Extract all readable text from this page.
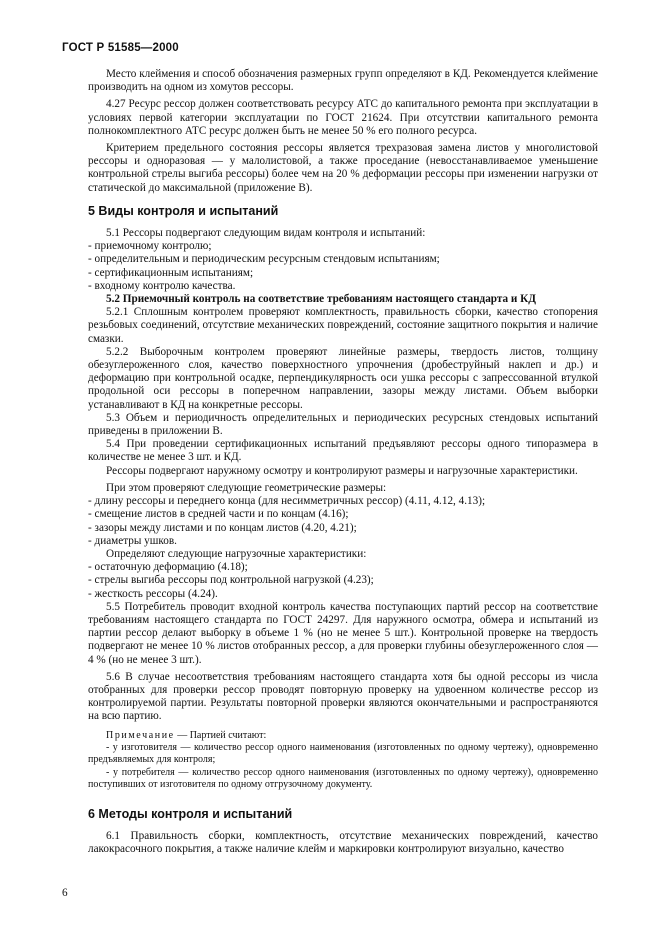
ГОСТ Р 51585—2000

Место клеймения и способ обозначения размерных групп определяют в КД. Рекомендуется клеймение производить на одном из хомутов рессоры.

4.27 Ресурс рессор должен соответствовать ресурсу АТС до капитального ремонта при эксплуатации в условиях первой категории эксплуатации по ГОСТ 21624. При отсутствии капитального ремонта полнокомплектного АТС ресурс должен быть не менее 50 % его полного ресурса.

Критерием предельного состояния рессоры является трехразовая замена листов у многолистовой рессоры и одноразовая — у малолистовой, а также проседание (невосстанавливаемое уменьшение контрольной стрелы выгиба рессоры) более чем на 20 % деформации рессоры при изменении нагрузки от статической до максимальной (приложение В).

5 Виды контроля и испытаний

5.1 Рессоры подвергают следующим видам контроля и испытаний:

- приемочному контролю;
- определительным и периодическим ресурсным стендовым испытаниям;
- сертификационным испытаниям;
- входному контролю качества.

5.2 Приемочный контроль на соответствие требованиям настоящего стандарта и КД

5.2.1 Сплошным контролем проверяют комплектность, правильность сборки, качество стопорения резьбовых соединений, отсутствие механических повреждений, состояние защитного покрытия и наличие смазки.

5.2.2 Выборочным контролем проверяют линейные размеры, твердость листов, толщину обезуглероженного слоя, качество поверхностного упрочнения (дробеструйный наклеп и др.) и деформацию при контрольной осадке, перпендикулярность оси ушка рессоры с запрессованной втулкой продольной оси рессоры в поперечном направлении, зазоры между листами. Объем выборки устанавливают в КД на конкретные рессоры.

5.3 Объем и периодичность определительных и периодических ресурсных стендовых испытаний приведены в приложении В.

5.4 При проведении сертификационных испытаний предъявляют рессоры одного типоразмера в количестве не менее 3 шт. и КД.

Рессоры подвергают наружному осмотру и контролируют размеры и нагрузочные характеристики.

При этом проверяют следующие геометрические размеры:

- длину рессоры и переднего конца (для несимметричных рессор) (4.11, 4.12, 4.13);
- смещение листов в средней части и по концам (4.16);
- зазоры между листами и по концам листов (4.20, 4.21);
- диаметры ушков.

Определяют следующие нагрузочные характеристики:

- остаточную деформацию (4.18);
- стрелы выгиба рессоры под контрольной нагрузкой (4.23);
- жесткость рессоры (4.24).

5.5 Потребитель проводит входной контроль качества поступающих партий рессор на соответствие требованиям настоящего стандарта по ГОСТ 24297. Для наружного осмотра, обмера и испытаний из партии рессор делают выборку в объеме 1 % (но не менее 5 шт.). Контрольной проверке на твердость подвергают не менее 10 % листов отобранных рессор, а для проверки глубины обезуглероженного слоя — 4 % (но не менее 3 шт.).

5.6 В случае несоответствия требованиям настоящего стандарта хотя бы одной рессоры из числа отобранных для проверки рессор проводят повторную проверку на удвоенном количестве рессор из контролируемой партии. Результаты повторной проверки являются окончательными и распространяются на всю партию.

Примечание — Партией считают:

- у изготовителя — количество рессор одного наименования (изготовленных по одному чертежу), одновременно предъявляемых для контроля;

- у потребителя — количество рессор одного наименования (изготовленных по одному чертежу), одновременно поступивших от изготовителя по одному отгрузочному документу.

6 Методы контроля и испытаний

6.1 Правильность сборки, комплектность, отсутствие механических повреждений, качество лакокрасочного покрытия, а также наличие клейм и маркировки контролируют визуально, качество

6
